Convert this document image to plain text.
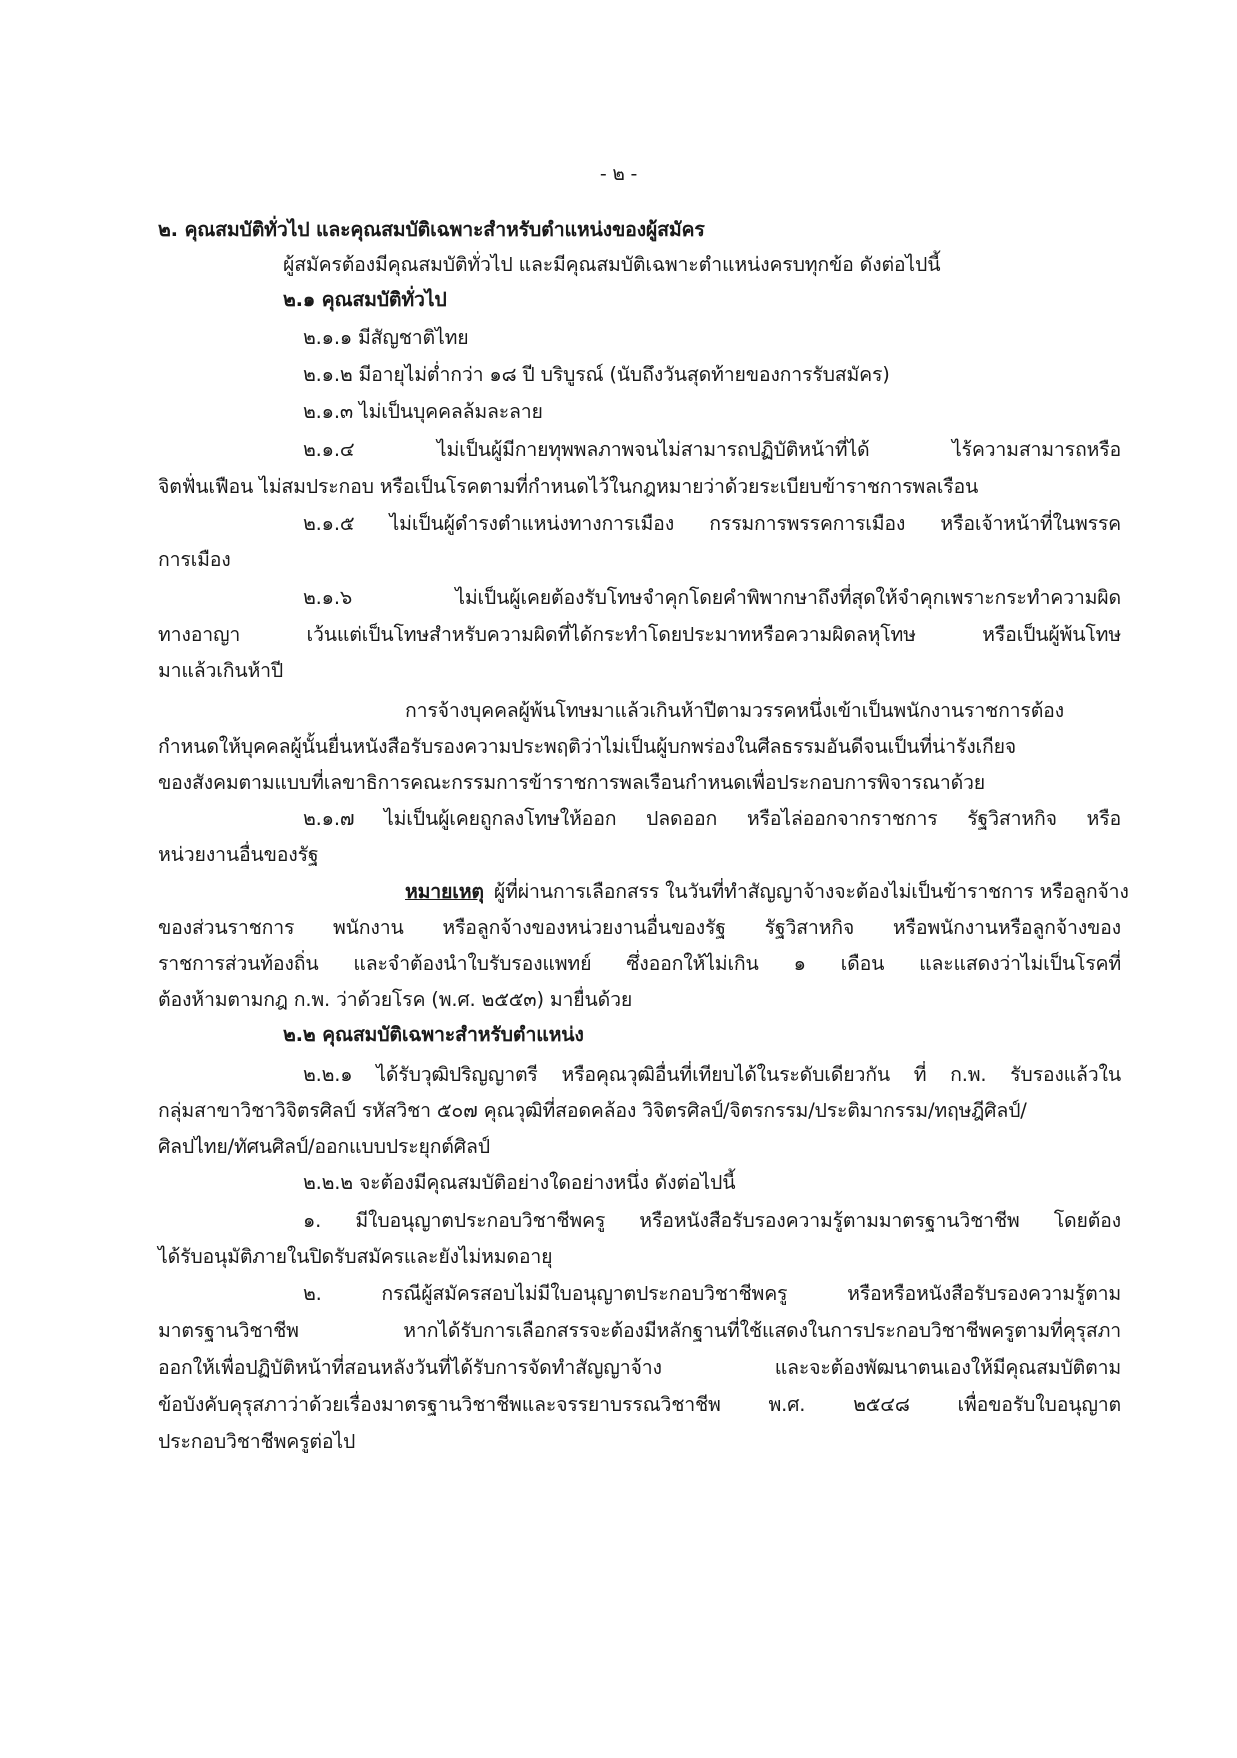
- ๒ -
๒. คุณสมบัติทั่วไป และคุณสมบัติเฉพาะสำหรับตำแหน่งของผู้สมัคร
ผู้สมัครต้องมีคุณสมบัติทั่วไป และมีคุณสมบัติเฉพาะตำแหน่งครบทุกข้อ ดังต่อไปนี้
๒.๑ คุณสมบัติทั่วไป
๒.๑.๑ มีสัญชาติไทย
๒.๑.๒ มีอายุไม่ต่ำกว่า ๑๘ ปี บริบูรณ์ (นับถึงวันสุดท้ายของการรับสมัคร)
๒.๑.๓ ไม่เป็นบุคคลล้มละลาย
๒.๑.๔ ไม่เป็นผู้มีกายทุพพลภาพจนไม่สามารถปฏิบัติหน้าที่ได้ ไร้ความสามารถหรือ
จิตฟั่นเฟือน ไม่สมประกอบ หรือเป็นโรคตามที่กำหนดไว้ในกฎหมายว่าด้วยระเบียบข้าราชการพลเรือน
๒.๑.๕ ไม่เป็นผู้ดำรงตำแหน่งทางการเมือง กรรมการพรรคการเมือง หรือเจ้าหน้าที่ในพรรค
การเมือง
๒.๑.๖ ไม่เป็นผู้เคยต้องรับโทษจำคุกโดยคำพิพากษาถึงที่สุดให้จำคุกเพราะกระทำความผิด
ทางอาญา เว้นแต่เป็นโทษสำหรับความผิดที่ได้กระทำโดยประมาทหรือความผิดลหุโทษ หรือเป็นผู้พ้นโทษ
มาแล้วเกินห้าปี
การจ้างบุคคลผู้พ้นโทษมาแล้วเกินห้าปีตามวรรคหนึ่งเข้าเป็นพนักงานราชการต้อง
กำหนดให้บุคคลผู้นั้นยื่นหนังสือรับรองความประพฤติว่าไม่เป็นผู้บกพร่องในศีลธรรมอันดีจนเป็นที่น่ารังเกียจ
ของสังคมตามแบบที่เลขาธิการคณะกรรมการข้าราชการพลเรือนกำหนดเพื่อประกอบการพิจารณาด้วย
๒.๑.๗ ไม่เป็นผู้เคยถูกลงโทษให้ออก ปลดออก หรือไล่ออกจากราชการ รัฐวิสาหกิจ หรือ
หน่วยงานอื่นของรัฐ
หมายเหตุ ผู้ที่ผ่านการเลือกสรร ในวันที่ทำสัญญาจ้างจะต้องไม่เป็นข้าราชการ หรือลูกจ้าง
ของส่วนราชการ พนักงาน หรือลูกจ้างของหน่วยงานอื่นของรัฐ รัฐวิสาหกิจ หรือพนักงานหรือลูกจ้างของ
ราชการส่วนท้องถิ่น และจำต้องนำใบรับรองแพทย์ ซึ่งออกให้ไม่เกิน ๑ เดือน และแสดงว่าไม่เป็นโรคที่
ต้องห้ามตามกฎ ก.พ. ว่าด้วยโรค (พ.ศ. ๒๕๕๓) มายื่นด้วย
๒.๒ คุณสมบัติเฉพาะสำหรับตำแหน่ง
๒.๒.๑ ได้รับวุฒิปริญญาตรี หรือคุณวุฒิอื่นที่เทียบได้ในระดับเดียวกัน ที่ ก.พ. รับรองแล้วใน
กลุ่มสาขาวิชาวิจิตรศิลป์ รหัสวิชา ๕๐๗ คุณวุฒิที่สอดคล้อง วิจิตรศิลป์/จิตรกรรม/ประติมากรรม/ทฤษฎีศิลป์/
ศิลปไทย/ทัศนศิลป์/ออกแบบประยุกต์ศิลป์
๒.๒.๒ จะต้องมีคุณสมบัติอย่างใดอย่างหนึ่ง ดังต่อไปนี้
๑. มีใบอนุญาตประกอบวิชาชีพครู หรือหนังสือรับรองความรู้ตามมาตรฐานวิชาชีพ โดยต้อง
ได้รับอนุมัติภายในปิดรับสมัครและยังไม่หมดอายุ
๒. กรณีผู้สมัครสอบไม่มีใบอนุญาตประกอบวิชาชีพครู หรือหรือหนังสือรับรองความรู้ตาม
มาตรฐานวิชาชีพ หากได้รับการเลือกสรรจะต้องมีหลักฐานที่ใช้แสดงในการประกอบวิชาชีพครูตามที่คุรุสภา
ออกให้เพื่อปฏิบัติหน้าที่สอนหลังวันที่ได้รับการจัดทำสัญญาจ้าง และจะต้องพัฒนาตนเองให้มีคุณสมบัติตาม
ข้อบังคับคุรุสภาว่าด้วยเรื่องมาตรฐานวิชาชีพและจรรยาบรรณวิชาชีพ พ.ศ. ๒๕๔๘ เพื่อขอรับใบอนุญาต
ประกอบวิชาชีพครูต่อไป
